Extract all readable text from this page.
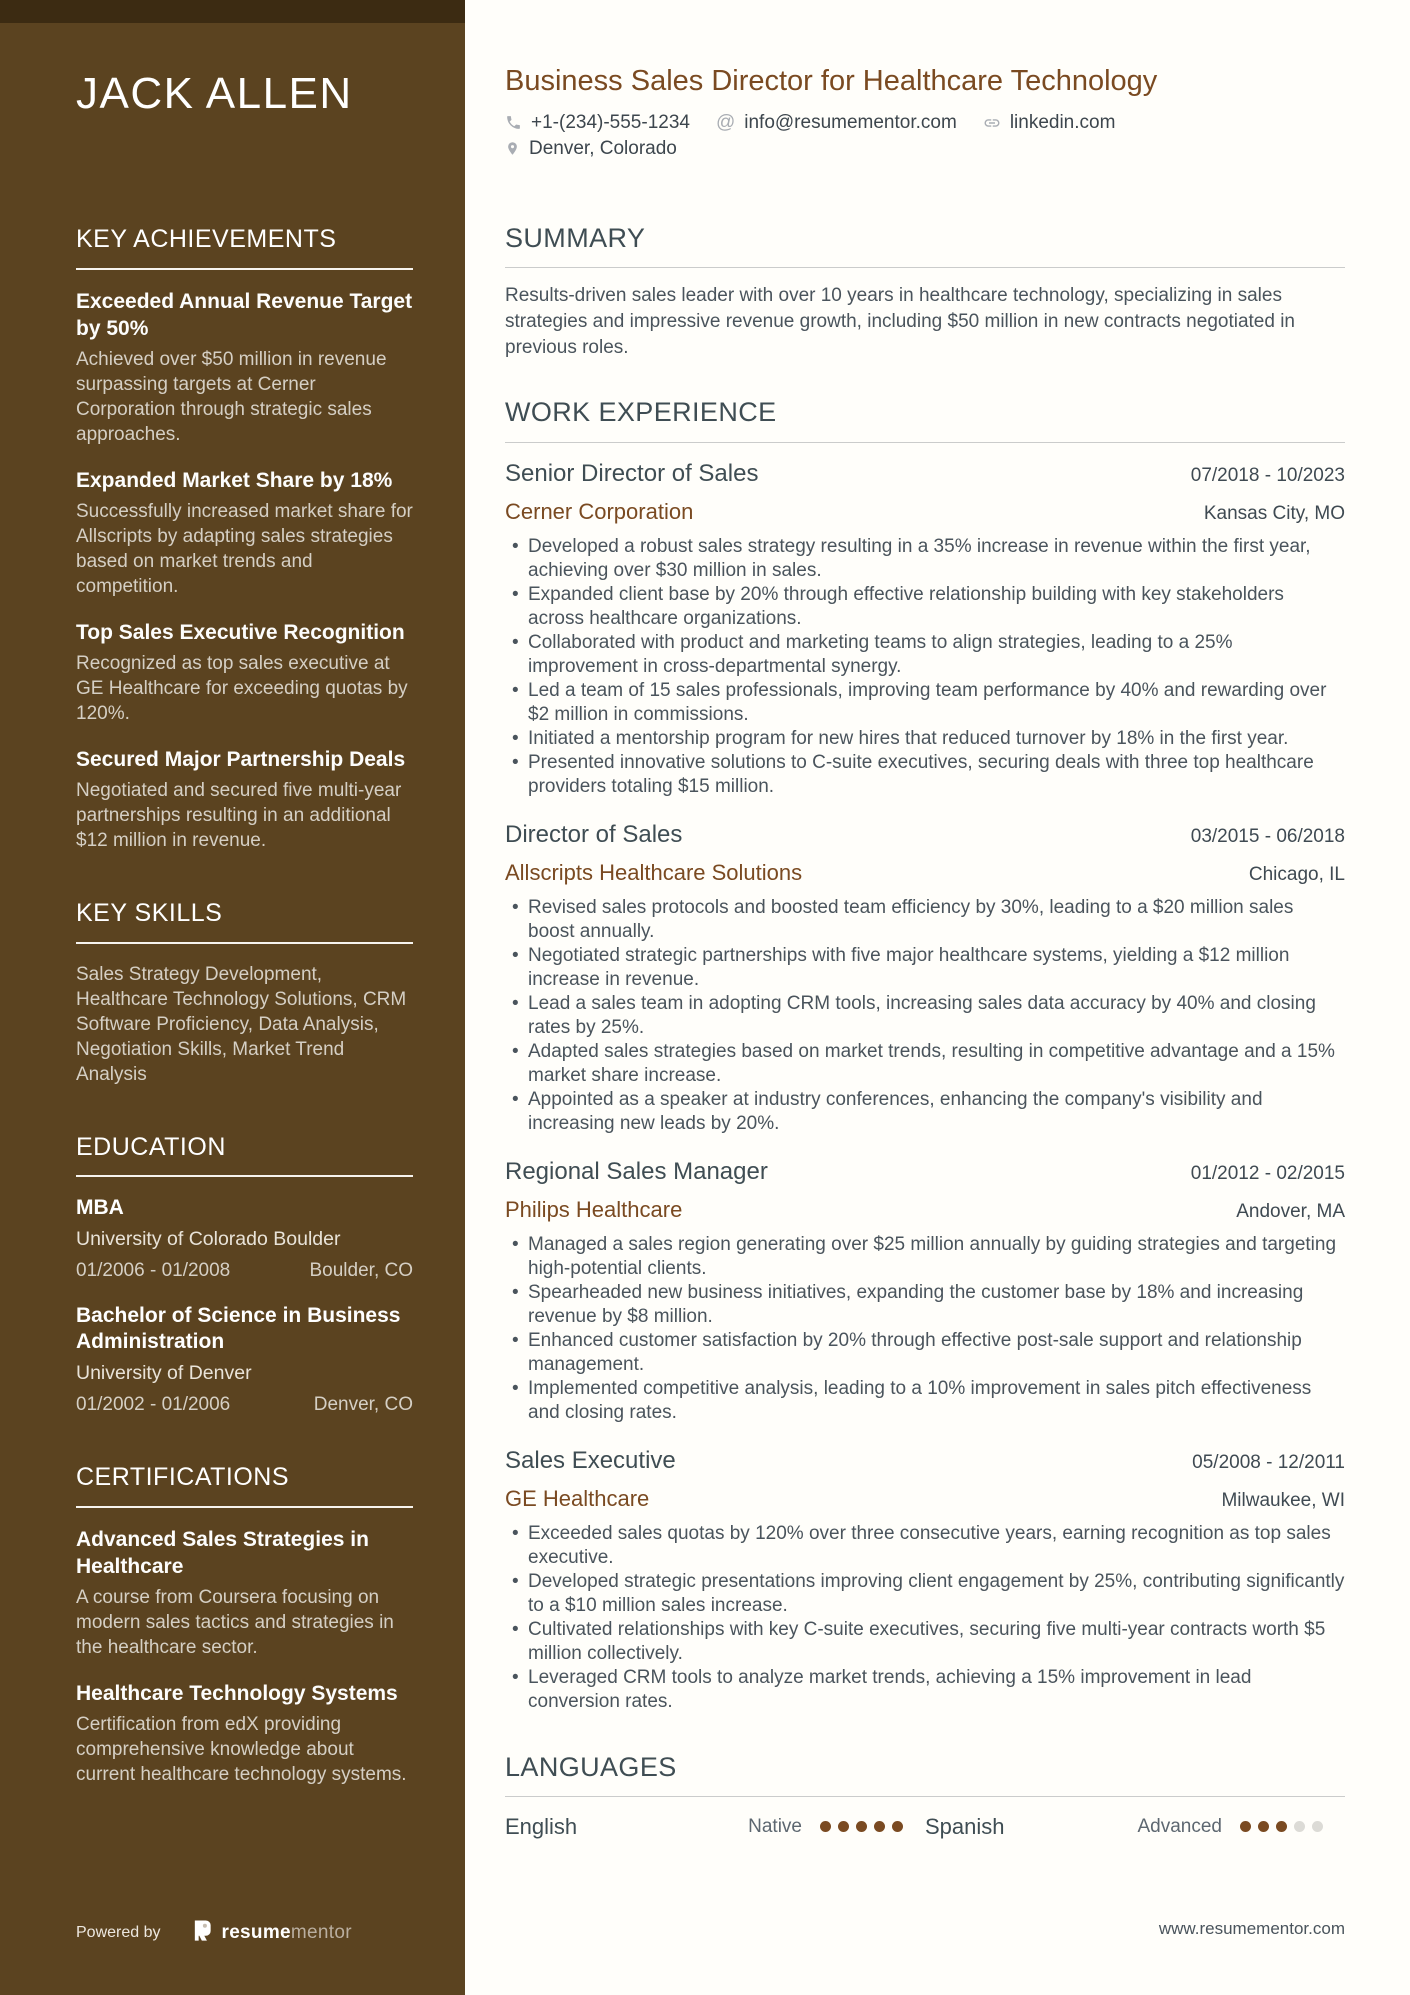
JACK ALLEN
KEY ACHIEVEMENTS
Exceeded Annual Revenue Target by 50%
Achieved over $50 million in revenue surpassing targets at Cerner Corporation through strategic sales approaches.
Expanded Market Share by 18%
Successfully increased market share for Allscripts by adapting sales strategies based on market trends and competition.
Top Sales Executive Recognition
Recognized as top sales executive at GE Healthcare for exceeding quotas by 120%.
Secured Major Partnership Deals
Negotiated and secured five multi-year partnerships resulting in an additional $12 million in revenue.
KEY SKILLS
Sales Strategy Development, Healthcare Technology Solutions, CRM Software Proficiency, Data Analysis, Negotiation Skills, Market Trend Analysis
EDUCATION
MBA
University of Colorado Boulder
01/2006 - 01/2008	Boulder, CO
Bachelor of Science in Business Administration
University of Denver
01/2002 - 01/2006	Denver, CO
CERTIFICATIONS
Advanced Sales Strategies in Healthcare
A course from Coursera focusing on modern sales tactics and strategies in the healthcare sector.
Healthcare Technology Systems
Certification from edX providing comprehensive knowledge about current healthcare technology systems.
Powered by	resumementor
Business Sales Director for Healthcare Technology
+1-(234)-555-1234 @ info@resumementor.com	linkedin.com
Denver, Colorado
SUMMARY

Results-driven sales leader with over 10 years in healthcare technology, specializing in sales strategies and impressive revenue growth, including $50 million in new contracts negotiated in previous roles.

WORK EXPERIENCE
Senior Director of Sales	07/2018 - 10/2023
Cerner Corporation	Kansas City, MO
• Developed a robust sales strategy resulting in a 35% increase in revenue within the first year, achieving over $30 million in sales.
• Expanded client base by 20% through effective relationship building with key stakeholders across healthcare organizations.
• Collaborated with product and marketing teams to align strategies, leading to a 25% improvement in cross-departmental synergy.
• Led a team of 15 sales professionals, improving team performance by 40% and rewarding over $2 million in commissions.
• Initiated a mentorship program for new hires that reduced turnover by 18% in the first year.
• Presented innovative solutions to C-suite executives, securing deals with three top healthcare providers totaling $15 million.
Director of Sales	03/2015 - 06/2018
Allscripts Healthcare Solutions	Chicago, IL
• Revised sales protocols and boosted team efficiency by 30%, leading to a $20 million sales boost annually.
• Negotiated strategic partnerships with five major healthcare systems, yielding a $12 million increase in revenue.
• Lead a sales team in adopting CRM tools, increasing sales data accuracy by 40% and closing rates by 25%.
• Adapted sales strategies based on market trends, resulting in competitive advantage and a 15% market share increase.
• Appointed as a speaker at industry conferences, enhancing the company's visibility and increasing new leads by 20%.
Regional Sales Manager	01/2012 - 02/2015
Philips Healthcare	Andover, MA
• Managed a sales region generating over $25 million annually by guiding strategies and targeting high-potential clients.
• Spearheaded new business initiatives, expanding the customer base by 18% and increasing revenue by $8 million.
• Enhanced customer satisfaction by 20% through effective post-sale support and relationship management.
• Implemented competitive analysis, leading to a 10% improvement in sales pitch effectiveness and closing rates.
Sales Executive	05/2008 - 12/2011
GE Healthcare	Milwaukee, WI
• Exceeded sales quotas by 120% over three consecutive years, earning recognition as top sales executive.
• Developed strategic presentations improving client engagement by 25%, contributing significantly to a $10 million sales increase.
• Cultivated relationships with key C-suite executives, securing five multi-year contracts worth $5 million collectively.
• Leveraged CRM tools to analyze market trends, achieving a 15% improvement in lead conversion rates.
LANGUAGES
English	Native	Spanish	Advanced
www.resumementor.com
